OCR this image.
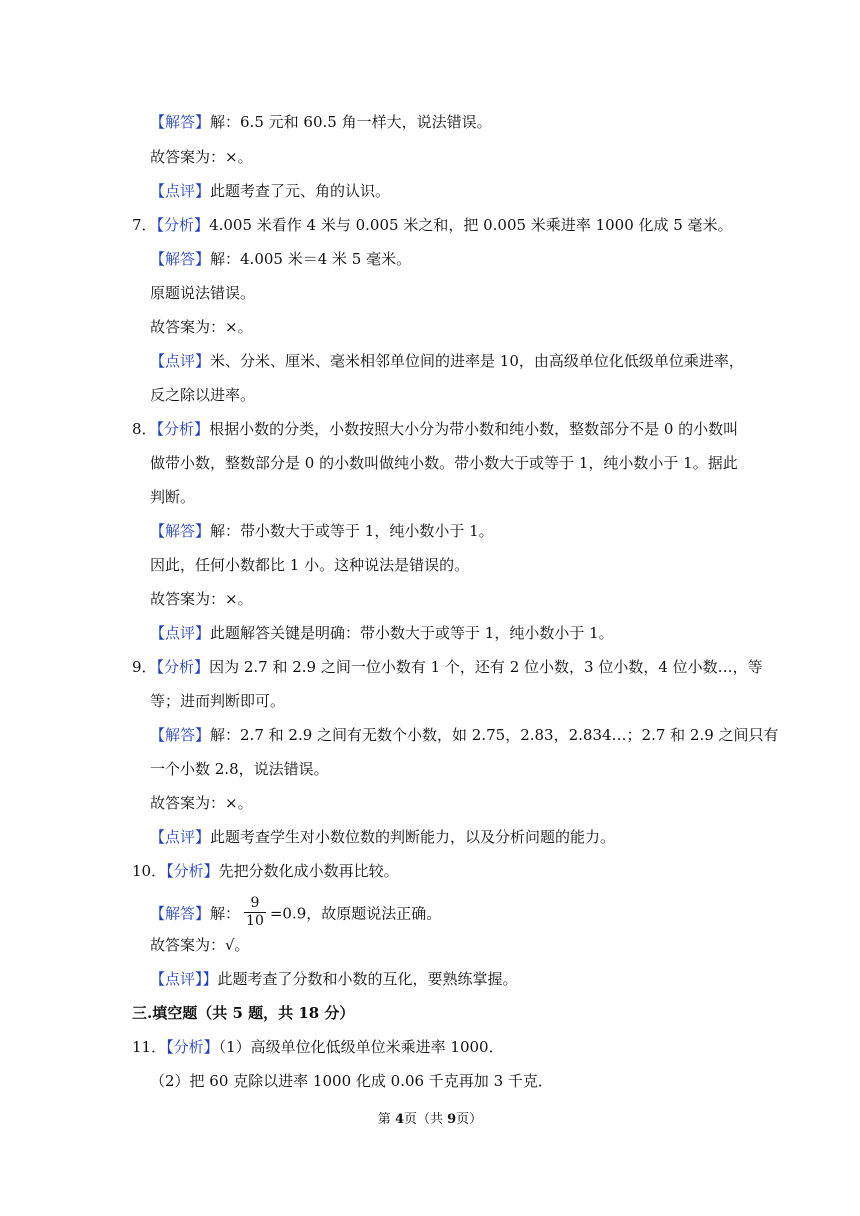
【解答】解：6.5 元和 60.5 角一样大，说法错误。
故答案为：×。
【点评】此题考查了元、角的认识。
7．【分析】4.005 米看作 4 米与 0.005 米之和，把 0.005 米乘进率 1000 化成 5 毫米。
【解答】解：4.005 米＝4 米 5 毫米。
原题说法错误。
故答案为：×。
【点评】米、分米、厘米、毫米相邻单位间的进率是 10，由高级单位化低级单位乘进率，
反之除以进率。
8．【分析】根据小数的分类，小数按照大小分为带小数和纯小数，整数部分不是 0 的小数叫
做带小数，整数部分是 0 的小数叫做纯小数。带小数大于或等于 1，纯小数小于 1。据此
判断。
【解答】解：带小数大于或等于 1，纯小数小于 1。
因此，任何小数都比 1 小。这种说法是错误的。
故答案为：×。
【点评】此题解答关键是明确：带小数大于或等于 1，纯小数小于 1。
9．【分析】因为 2.7 和 2.9 之间一位小数有 1 个，还有 2 位小数，3 位小数，4 位小数…，等
等；进而判断即可。
【解答】解：2.7 和 2.9 之间有无数个小数，如 2.75，2.83，2.834…；2.7 和 2.9 之间只有
一个小数 2.8，说法错误。
故答案为：×。
【点评】此题考查学生对小数位数的判断能力，以及分析问题的能力。
10．【分析】先把分数化成小数再比较。
【解答】解： $\frac{9}{10} =0.9$，故原题说法正确。
故答案为：√。
【点评】】此题考查了分数和小数的互化，要熟练掌握。
三.填空题（共 5 题，共 18 分）
11．【分析】（1）高级单位化低级单位米乘进率 1000．
（2）把 60 克除以进率 1000 化成 0.06 千克再加 3 千克．
第 4页（共 9页）
